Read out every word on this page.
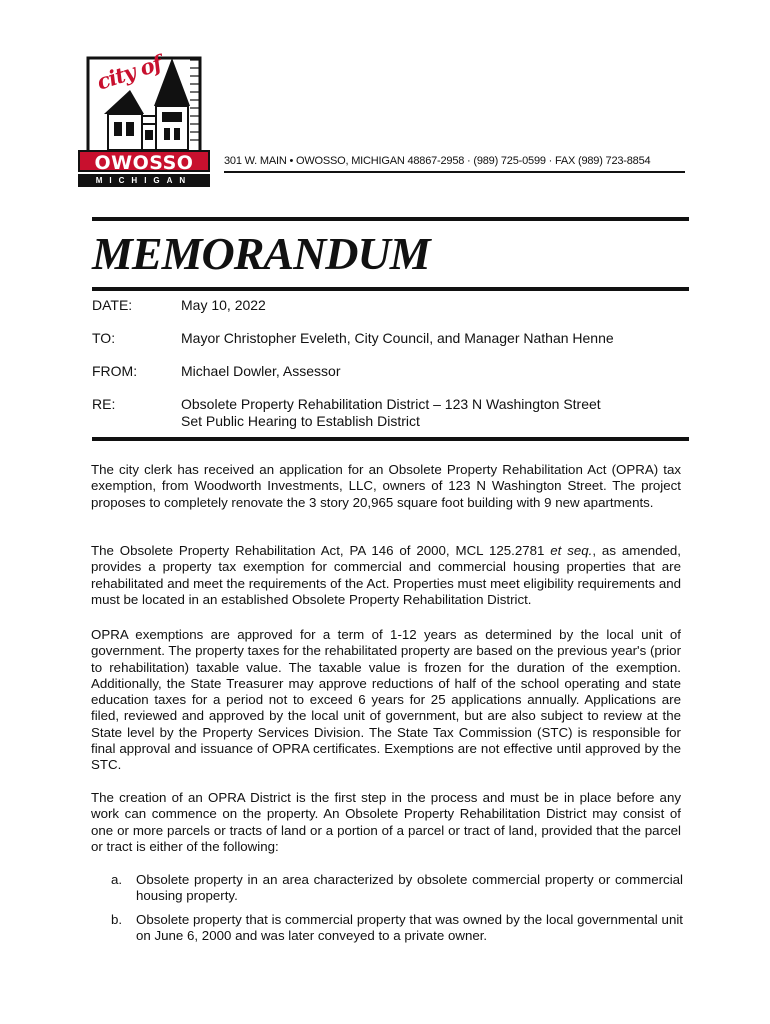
city of
OWOSSO
MICHIGAN
301 W. MAIN • OWOSSO, MICHIGAN 48867-2958 · (989) 725-0599 · FAX (989) 723-8854
MEMORANDUM
DATE:	May 10, 2022
TO:	Mayor Christopher Eveleth, City Council, and Manager Nathan Henne
FROM:	Michael Dowler, Assessor
RE:	Obsolete Property Rehabilitation District – 123 N Washington Street
Set Public Hearing to Establish District
The city clerk has received an application for an Obsolete Property Rehabilitation Act (OPRA) tax exemption, from Woodworth Investments, LLC, owners of 123 N Washington Street. The project proposes to completely renovate the 3 story 20,965 square foot building with 9 new apartments.
The Obsolete Property Rehabilitation Act, PA 146 of 2000, MCL 125.2781 et seq., as amended, provides a property tax exemption for commercial and commercial housing properties that are rehabilitated and meet the requirements of the Act. Properties must meet eligibility requirements and must be located in an established Obsolete Property Rehabilitation District.
OPRA exemptions are approved for a term of 1-12 years as determined by the local unit of government. The property taxes for the rehabilitated property are based on the previous year's (prior to rehabilitation) taxable value. The taxable value is frozen for the duration of the exemption. Additionally, the State Treasurer may approve reductions of half of the school operating and state education taxes for a period not to exceed 6 years for 25 applications annually. Applications are filed, reviewed and approved by the local unit of government, but are also subject to review at the State level by the Property Services Division. The State Tax Commission (STC) is responsible for final approval and issuance of OPRA certificates. Exemptions are not effective until approved by the STC.
The creation of an OPRA District is the first step in the process and must be in place before any work can commence on the property. An Obsolete Property Rehabilitation District may consist of one or more parcels or tracts of land or a portion of a parcel or tract of land, provided that the parcel or tract is either of the following:
a.	Obsolete property in an area characterized by obsolete commercial property or commercial housing property.
b.	Obsolete property that is commercial property that was owned by the local governmental unit on June 6, 2000 and was later conveyed to a private owner.
